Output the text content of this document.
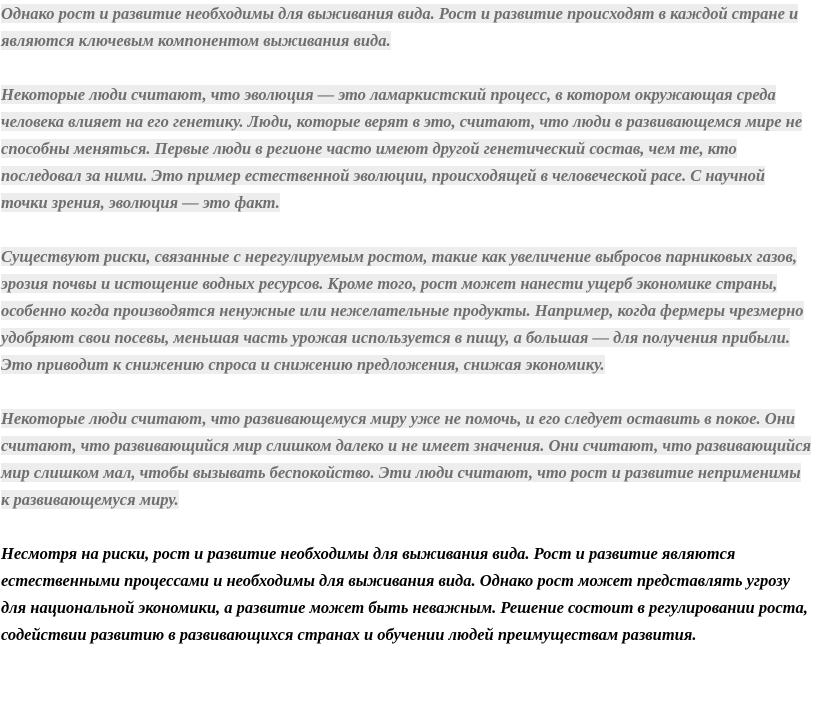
Однако рост и развитие необходимы для выживания вида. Рост и развитие происходят в каждой стране и являются ключевым компонентом выживания вида.

Некоторые люди считают, что эволюция — это ламаркистский процесс, в котором окружающая среда человека влияет на его генетику. Люди, которые верят в это, считают, что люди в развивающемся мире не способны меняться. Первые люди в регионе часто имеют другой генетический состав, чем те, кто последовал за ними. Это пример естественной эволюции, происходящей в человеческой расе. С научной точки зрения, эволюция — это факт.

Существуют риски, связанные с нерегулируемым ростом, такие как увеличение выбросов парниковых газов, эрозия почвы и истощение водных ресурсов. Кроме того, рост может нанести ущерб экономике страны, особенно когда производятся ненужные или нежелательные продукты. Например, когда фермеры чрезмерно удобряют свои посевы, меньшая часть урожая используется в пищу, а большая — для получения прибыли. Это приводит к снижению спроса и снижению предложения, снижая экономику.

Некоторые люди считают, что развивающемуся миру уже не помочь, и его следует оставить в покое. Они считают, что развивающийся мир слишком далеко и не имеет значения. Они считают, что развивающийся мир слишком мал, чтобы вызывать беспокойство. Эти люди считают, что рост и развитие неприменимы к развивающемуся миру.

Несмотря на риски, рост и развитие необходимы для выживания вида. Рост и развитие являются естественными процессами и необходимы для выживания вида. Однако рост может представлять угрозу для национальной экономики, а развитие может быть неважным. Решение состоит в регулировании роста, содействии развитию в развивающихся странах и обучении людей преимуществам развития.
